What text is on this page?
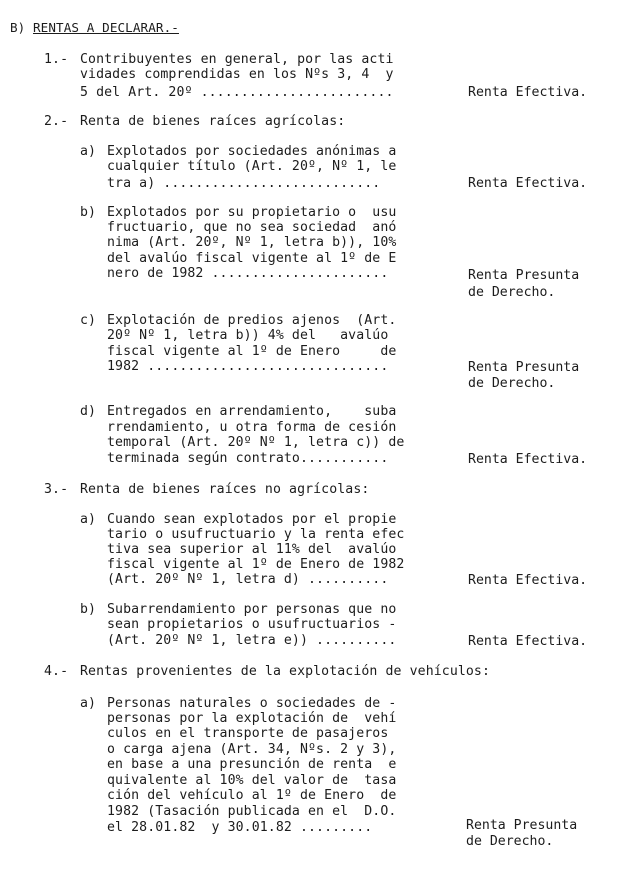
B) RENTAS A DECLARAR.-
1.- Contribuyentes en general, por las acti
vidades comprendidas en los Nºs 3, 4  y
5 del Art. 20º ........................	Renta Efectiva.
2.- Renta de bienes raíces agrícolas:
a) Explotados por sociedades anónimas a
cualquier título (Art. 20º, Nº 1, le
tra a) ...........................	Renta Efectiva.
b) Explotados por su propietario o  usu
fructuario, que no sea sociedad  anó
nima (Art. 20º, Nº 1, letra b)), 10%
del avalúo fiscal vigente al 1º de E
nero de 1982 ......................	Renta Presunta
de Derecho.
c) Explotación de predios ajenos  (Art.
20º Nº 1, letra b)) 4% del   avalúo
fiscal vigente al 1º de Enero     de
1982 ..............................	Renta Presunta
de Derecho.
d) Entregados en arrendamiento,    suba
rrendamiento, u otra forma de cesión
temporal (Art. 20º Nº 1, letra c)) de
terminada según contrato...........	Renta Efectiva.
3.- Renta de bienes raíces no agrícolas:
a) Cuando sean explotados por el propie
tario o usufructuario y la renta efec
tiva sea superior al 11% del  avalúo
fiscal vigente al 1º de Enero de 1982
(Art. 20º Nº 1, letra d) ..........	Renta Efectiva.
b) Subarrendamiento por personas que no
sean propietarios o usufructuarios -
(Art. 20º Nº 1, letra e)) ..........	Renta Efectiva.
4.- Rentas provenientes de la explotación de vehículos:
a) Personas naturales o sociedades de -
personas por la explotación de  vehí
culos en el transporte de pasajeros
o carga ajena (Art. 34, Nºs. 2 y 3),
en base a una presunción de renta  e
quivalente al 10% del valor de  tasa
ción del vehículo al 1º de Enero  de
1982 (Tasación publicada en el  D.O.
el 28.01.82  y 30.01.82 .........	Renta Presunta
de Derecho.
